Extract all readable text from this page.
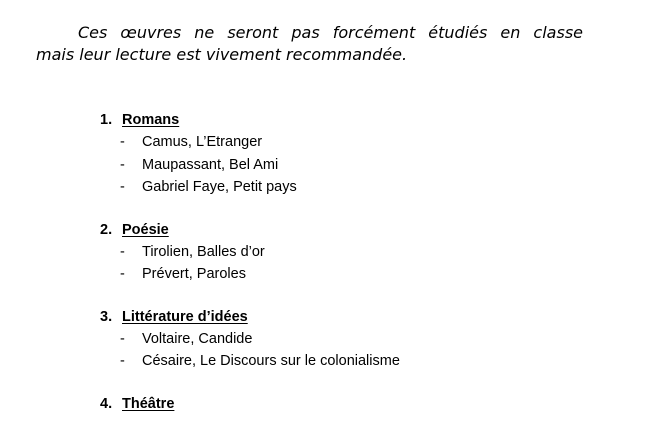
Ces œuvres ne seront pas forcément étudiés en classe
mais leur lecture est vivement recommandée.
1. Romans
-	Camus, L’Etranger
-	Maupassant, Bel Ami
-	Gabriel Faye, Petit pays
2. Poésie
-	Tirolien, Balles d’or
-	Prévert, Paroles
3. Littérature d’idées
-	Voltaire, Candide
-	Césaire, Le Discours sur le colonialisme
4. Théâtre
